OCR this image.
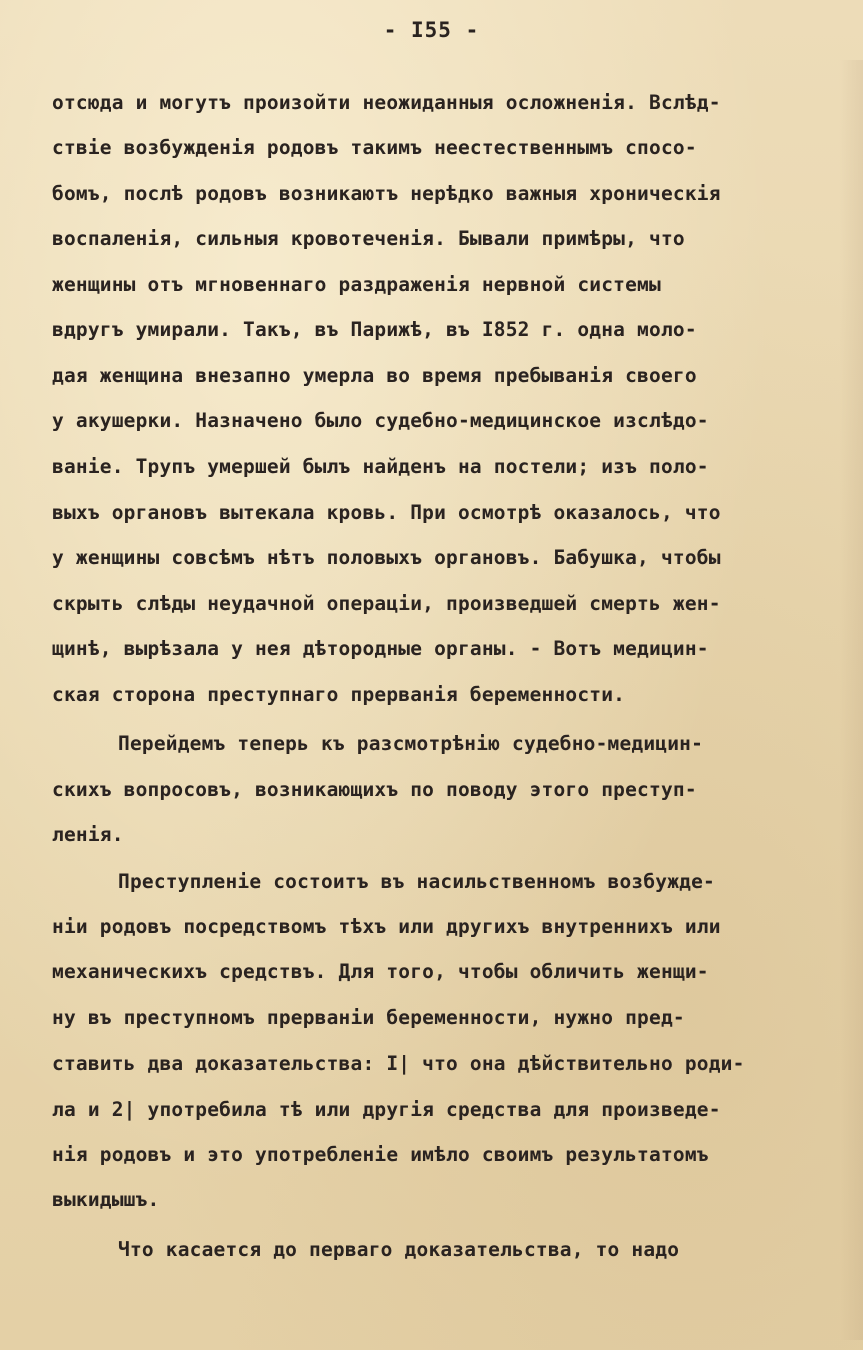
- I55 -

отсюда и могутъ произойти неожиданныя осложненія. Вслѣд-

ствіе возбужденія родовъ такимъ неестественнымъ спосо-

бомъ, послѣ родовъ возникаютъ нерѣдко важныя хроническія

воспаленія, сильныя кровотеченія. Бывали примѣры, что

женщины отъ мгновеннаго раздраженія нервной системы

вдругъ умирали. Такъ, въ Парижѣ, въ I852 г. одна моло-

дая женщина внезапно умерла во время пребыванія своего

у акушерки. Назначено было судебно-медицинское изслѣдо-

ваніе. Трупъ умершей былъ найденъ на постели; изъ поло-

выхъ органовъ вытекала кровь. При осмотрѣ оказалось, что

у женщины совсѣмъ нѣтъ половыхъ органовъ. Бабушка, чтобы

скрыть слѣды неудачной операціи, произведшей смерть жен-

щинѣ, вырѣзала у нея дѣтородные органы. - Вотъ медицин-

ская сторона преступнаго прерванія беременности.

Перейдемъ теперь къ разсмотрѣнію судебно-медицин-

скихъ вопросовъ, возникающихъ по поводу этого преступ-

ленія.

Преступленіе состоитъ въ насильственномъ возбужде-

ніи родовъ посредствомъ тѣхъ или другихъ внутреннихъ или

механическихъ средствъ. Для того, чтобы обличить женщи-

ну въ преступномъ прерваніи беременности, нужно пред-

ставить два доказательства: I| что она дѣйствительно роди-

ла и 2| употребила тѣ или другія средства для произведе-

нія родовъ и это употребленіе имѣло своимъ результатомъ

выкидышъ.

Что касается до перваго доказательства, то надо
